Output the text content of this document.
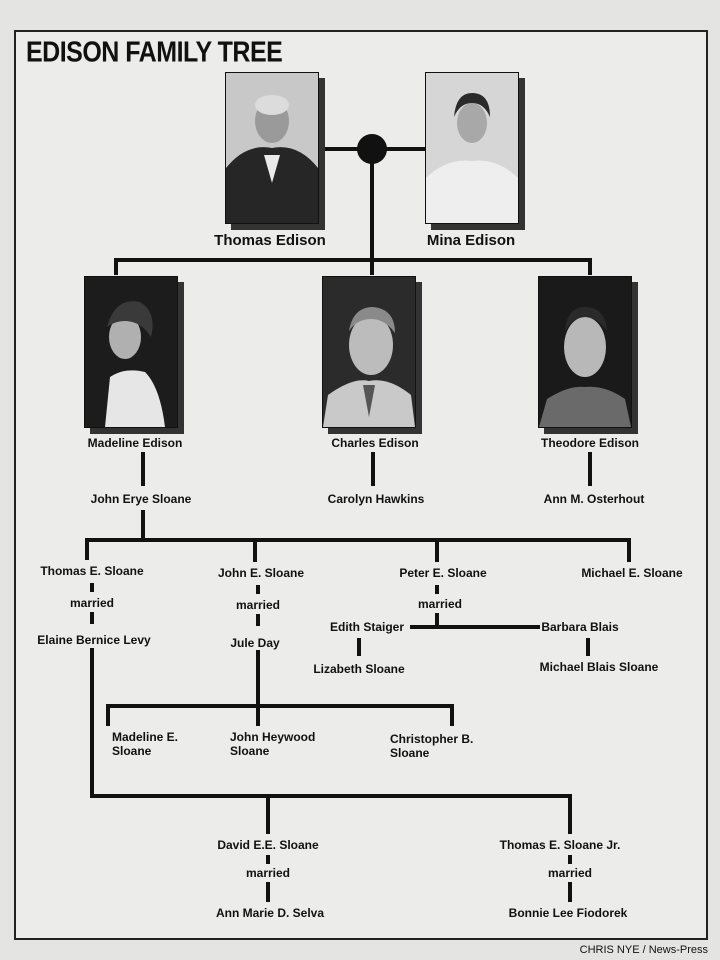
EDISON FAMILY TREE
Thomas Edison	Mina Edison
Madeline Edison	Charles Edison	Theodore Edison
John Erye Sloane	Carolyn Hawkins	Ann M. Osterhout
Thomas E. Sloane	John E. Sloane	Peter E. Sloane	Michael E. Sloane
married	married	married
Elaine Bernice Levy	Jule Day
Edith Staiger	Barbara Blais
Lizabeth Sloane	Michael Blais Sloane
Madeline E. Sloane
John Heywood Sloane
Christopher B. Sloane
David E.E. Sloane	Thomas E. Sloane Jr.
married	married
Ann Marie D. Selva	Bonnie Lee Fiodorek
CHRIS NYE / News-Press
